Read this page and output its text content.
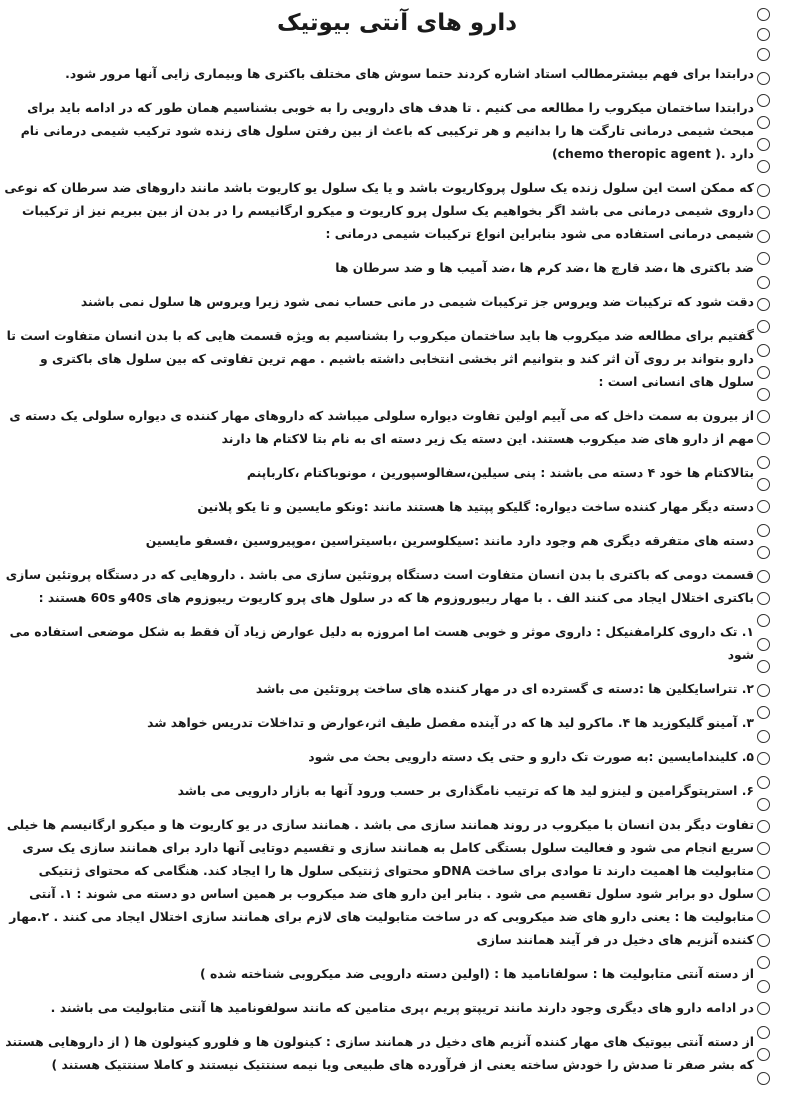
دارو های آنتی بیوتیک

درابتدا برای فهم بیشترمطالب استاد اشاره کردند حتما سوش های مختلف باکتری ها وبیماری زایی آنها مرور شود.

درابتدا ساختمان میکروب را مطالعه می کنیم . تا هدف های دارویی را به خوبی بشناسیم همان طور که در ادامه باید برای مبحث شیمی درمانی تارگت ها را بدانیم و هر ترکیبی که باعث از بین رفتن سلول های زنده شود ترکیب شیمی درمانی نام دارد .( chemo theropic agent)

که ممکن است این سلول زنده یک سلول پروکاریوت باشد و یا یک سلول یو کاریوت باشد مانند داروهای ضد سرطان که نوعی داروی شیمی درمانی می باشد اگر بخواهیم یک سلول پرو کاریوت و میکرو ارگانیسم را در بدن از بین ببریم نیز از ترکیبات شیمی درمانی استفاده می شود بنابراین انواع ترکیبات شیمی درمانی :

ضد باکتری ها ،ضد قارچ ها ،ضد کرم ها ،ضد آمیب ها و ضد سرطان ها

دقت شود که ترکیبات ضد ویروس جز ترکیبات شیمی در مانی حساب نمی شود زیرا ویروس ها سلول نمی باشند

گفتیم برای مطالعه ضد میکروب ها باید ساختمان میکروب را بشناسیم به ویژه قسمت هایی که با بدن انسان متفاوت است تا دارو بتواند بر روی آن اثر کند و بتوانیم اثر بخشی انتخابی داشته باشیم . مهم ترین تفاوتی که بین سلول های باکتری و سلول های انسانی است :

از بیرون به سمت داخل که می آییم اولین تفاوت دیواره سلولی میباشد که داروهای مهار کننده ی دیواره سلولی یک دسته ی مهم از دارو های ضد میکروب هستند. این دسته یک زیر دسته ای به نام بتا لاکتام ها دارند

بتالاکتام ها خود ۴ دسته می باشند : پنی سیلین،سفالوسپورین ، مونوباکتام ،کارباپنم

دسته دیگر مهار کننده ساخت دیواره: گلیکو پپتید ها هستند مانند :ونکو مایسین و تا یکو پلانین

دسته های متفرقه دیگری هم وجود دارد مانند :سیکلوسرین ،باسیتراسین ،موپیروسین ،فسفو مایسین

قسمت دومی که باکتری با بدن انسان متفاوت است دستگاه پروتئین سازی می باشد . داروهایی که در دستگاه پروتئین سازی باکتری اختلال ایجاد می کنند الف . با مهار ریبوروزوم ها که در سلول های پرو کاریوت ریبوزوم های 40sو 60s هستند :

۱. تک داروی کلرامفنیکل : داروی موثر و خوبی هست اما امروزه به دلیل عوارض زیاد آن فقط به شکل موضعی استفاده می شود

۲. تتراسایکلین ها :دسته ی گسترده ای در مهار کننده های ساخت پروتئین می باشد

۳. آمینو گلیکوزید ها ۴. ماکرو لید ها که در آینده مفصل طیف اثر،عوارض و تداخلات تدریس خواهد شد

۵. کلیندامایسین :به صورت تک دارو و حتی یک دسته دارویی بحث می شود

۶. استرپتوگرامین و لینزو لید ها که ترتیب نامگذاری بر حسب ورود آنها به بازار دارویی می باشد

تفاوت دیگر بدن انسان با میکروب در روند همانند سازی می باشد . همانند سازی در یو کاریوت ها و میکرو ارگانیسم ها خیلی سریع انجام می شود و فعالیت سلول بستگی کامل به همانند سازی و تقسیم دوتایی آنها دارد برای همانند سازی یک سری متابولیت ها اهمیت دارند تا موادی برای ساخت DNAو محتوای ژنتیکی سلول ها را ایجاد کند. هنگامی که محتوای ژنتیکی سلول دو برابر شود سلول تقسیم می شود . بنابر این دارو های ضد میکروب بر همین اساس دو دسته می شوند : ۱. آنتی متابولیت ها : یعنی دارو های ضد میکروبی که در ساخت متابولیت های لازم برای همانند سازی اختلال ایجاد می کنند . ۲.مهار کننده آنزیم های دخیل در فر آیند همانند سازی

از دسته آنتی متابولیت ها : سولفانامید ها : (اولین دسته دارویی ضد میکروبی شناخته شده )

در ادامه دارو های دیگری وجود دارند مانند تریپتو پریم ،پری متامین که مانند سولفونامید ها آنتی متابولیت می باشند .

از دسته آنتی بیوتیک های مهار کننده آنزیم های دخیل در همانند سازی : کینولون ها و فلورو کینولون ها ( از داروهایی هستند که بشر صفر تا صدش را خودش ساخته یعنی از فرآورده های طبیعی ویا نیمه سنتتیک نیستند و کاملا سنتتیک هستند )
